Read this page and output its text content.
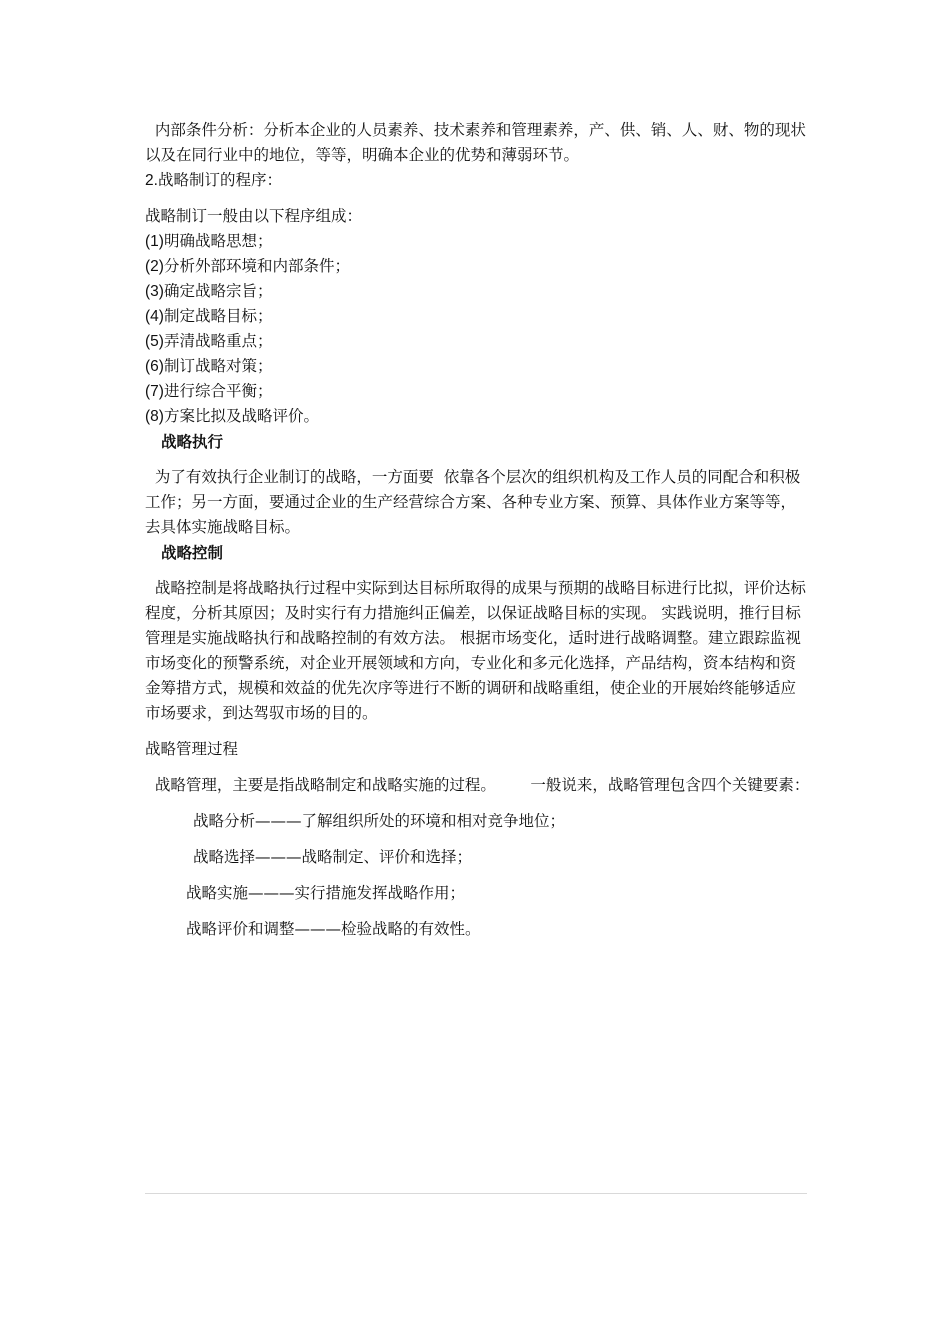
内部条件分析：分析本企业的人员素养、技术素养和管理素养，产、供、销、人、财、物的现状以及在同行业中的地位，等等，明确本企业的优势和薄弱环节。

2.战略制订的程序：

战略制订一般由以下程序组成：

(1)明确战略思想；

(2)分析外部环境和内部条件；

(3)确定战略宗旨；

(4)制定战略目标；

(5)弄清战略重点；

(6)制订战略对策；

(7)进行综合平衡；

(8)方案比拟及战略评价。

战略执行

为了有效执行企业制订的战略，一方面要  依靠各个层次的组织机构及工作人员的同配合和积极工作；另一方面，要通过企业的生产经营综合方案、各种专业方案、预算、具体作业方案等等，去具体实施战略目标。

战略控制

战略控制是将战略执行过程中实际到达目标所取得的成果与预期的战略目标进行比拟，评价达标程度，分析其原因；及时实行有力措施纠正偏差，以保证战略目标的实现。 实践说明，推行目标管理是实施战略执行和战略控制的有效方法。 根据市场变化，适时进行战略调整。建立跟踪监视市场变化的预警系统，对企业开展领域和方向，专业化和多元化选择，产品结构，资本结构和资金筹措方式，规模和效益的优先次序等进行不断的调研和战略重组，使企业的开展始终能够适应市场要求，到达驾驭市场的目的。

战略管理过程

战略管理，主要是指战略制定和战略实施的过程。       一般说来，战略管理包含四个关键要素：

战略分析———了解组织所处的环境和相对竞争地位；

战略选择———战略制定、评价和选择；

战略实施———实行措施发挥战略作用；

战略评价和调整———检验战略的有效性。
